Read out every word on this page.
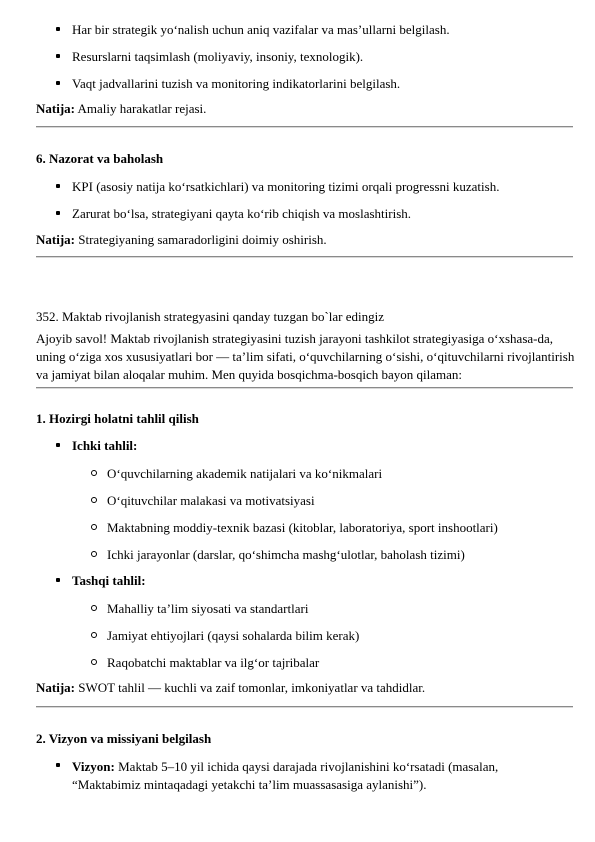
Har bir strategik yo‘nalish uchun aniq vazifalar va mas’ullarni belgilash.
Resurslarni taqsimlash (moliyaviy, insoniy, texnologik).
Vaqt jadvallarini tuzish va monitoring indikatorlarini belgilash.
Natija: Amaliy harakatlar rejasi.
6. Nazorat va baholash
KPI (asosiy natija ko‘rsatkichlari) va monitoring tizimi orqali progressni kuzatish.
Zarurat bo‘lsa, strategiyani qayta ko‘rib chiqish va moslashtirish.
Natija: Strategiyaning samaradorligini doimiy oshirish.
352. Maktab rivojlanish strategyasini qanday tuzgan bo`lar edingiz
Ajoyib savol! Maktab rivojlanish strategiyasini tuzish jarayoni tashkilot strategiyasiga o‘xshasa-da, uning o‘ziga xos xususiyatlari bor — ta’lim sifati, o‘quvchilarning o‘sishi, o‘qituvchilarni rivojlantirish va jamiyat bilan aloqalar muhim. Men quyida bosqichma-bosqich bayon qilaman:
1. Hozirgi holatni tahlil qilish
Ichki tahlil:
O‘quvchilarning akademik natijalari va ko‘nikmalari
O‘qituvchilar malakasi va motivatsiyasi
Maktabning moddiy-texnik bazasi (kitoblar, laboratoriya, sport inshootlari)
Ichki jarayonlar (darslar, qo‘shimcha mashg‘ulotlar, baholash tizimi)
Tashqi tahlil:
Mahalliy ta’lim siyosati va standartlari
Jamiyat ehtiyojlari (qaysi sohalarda bilim kerak)
Raqobatchi maktablar va ilg‘or tajribalar
Natija: SWOT tahlil — kuchli va zaif tomonlar, imkoniyatlar va tahdidlar.
2. Vizyon va missiyani belgilash
Vizyon: Maktab 5–10 yil ichida qaysi darajada rivojlanishini ko‘rsatadi (masalan, “Maktabimiz mintaqadagi yetakchi ta’lim muassasasiga aylanishi”).
